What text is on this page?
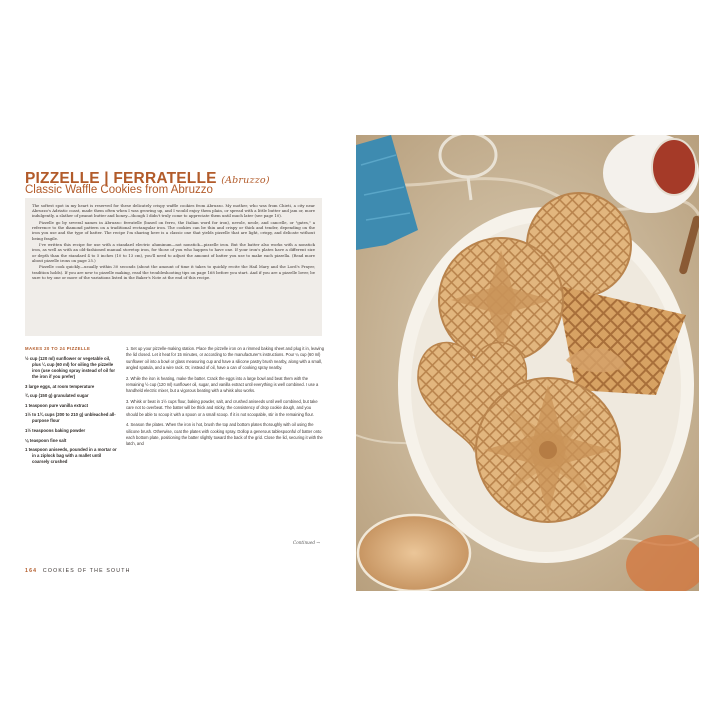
PIZZELLE | FERRATELLE (Abruzzo)
Classic Waffle Cookies from Abruzzo

The softest spot in my heart is reserved for these delicately crispy waffle cookies from Abruzzo. My mother, who was from Chieti, a city near Abruzzo's Adriatic coast, made them often when I was growing up, and I would enjoy them plain, or spread with a little butter and jam or, more indulgently, a slather of peanut butter and honey—though I didn't truly come to appreciate them until much later (see page 10).

Pizzelle go by several names in Abruzzo: ferratelle (based on ferro, the Italian word for iron), nevole, neole, and cancelle, or "gates," a reference to the diamond pattern on a traditional rectangular iron. The cookies can be thin and crispy or thick and tender, depending on the iron you use and the type of batter. The recipe I'm sharing here is a classic one that yields pizzelle that are light, crispy, and delicate without being fragile.

I've written this recipe for use with a standard electric aluminum—not nonstick—pizzelle iron. But the batter also works with a nonstick iron, as well as with an old-fashioned manual stovetop iron, for those of you who happen to have one. If your iron's plates have a different size or depth than the standard 4 to 5 inches (10 to 13 cm), you'll need to adjust the amount of batter you use to make each pizzella. (Read more about pizzelle irons on page 25.)

Pizzelle cook quickly—usually within 30 seconds (about the amount of time it takes to quickly recite the Hail Mary and the Lord's Prayer, tradition holds). If you are new to pizzelle making, read the troubleshooting tips on page 168 before you start. And if you are a pizzelle lover, be sure to try one or more of the variations listed in the Baker's Note at the end of this recipe.

MAKES 20 TO 24 PIZZELLE
½ cup (120 ml) sunflower or vegetable oil, plus ¼ cup (60 ml) for oiling the pizzelle iron (use cooking spray instead of oil for the iron if you prefer)
3 large eggs, at room temperature
¾ cup (150 g) granulated sugar
1 teaspoon pure vanilla extract
1½ to 1¾ cups (200 to 210 g) unbleached all-purpose flour
1½ teaspoons baking powder
⅛ teaspoon fine salt
1 teaspoon aniseeds, pounded in a mortar or in a ziplock bag with a mallet until coarsely crushed

1. Set up your pizzelle-making station. Place the pizzelle iron on a rimmed baking sheet and plug it in, leaving the lid closed. Let it heat for 15 minutes, or according to the manufacturer's instructions. Pour ¼ cup (60 ml) sunflower oil into a bowl or glass measuring cup and have a silicone pastry brush nearby, along with a small, angled spatula, and a wire rack. Or, instead of oil, have a can of cooking spray nearby.

2. While the iron is heating, make the batter. Crack the eggs into a large bowl and beat them with the remaining ½ cup (120 ml) sunflower oil, sugar, and vanilla extract until everything is well combined. I use a handheld electric mixer, but a vigorous beating with a whisk also works.

3. Whisk or beat in 1½ cups flour, baking powder, salt, and crushed aniseeds until well combined, but take care not to overbeat. The batter will be thick and sticky, the consistency of drop cookie dough, and you should be able to scoop it with a spoon or a small scoop. If it is not scoopable, stir in the remaining flour.

4. Season the plates. When the iron is hot, brush the top and bottom plates thoroughly with oil using the silicone brush. Otherwise, coat the plates with cooking spray. Dollop a generous tablespoonful of batter onto each bottom plate, positioning the batter slightly toward the back of the grid. Close the lid, securing it with the latch, and

Continued →
164 COOKIES OF THE SOUTH
